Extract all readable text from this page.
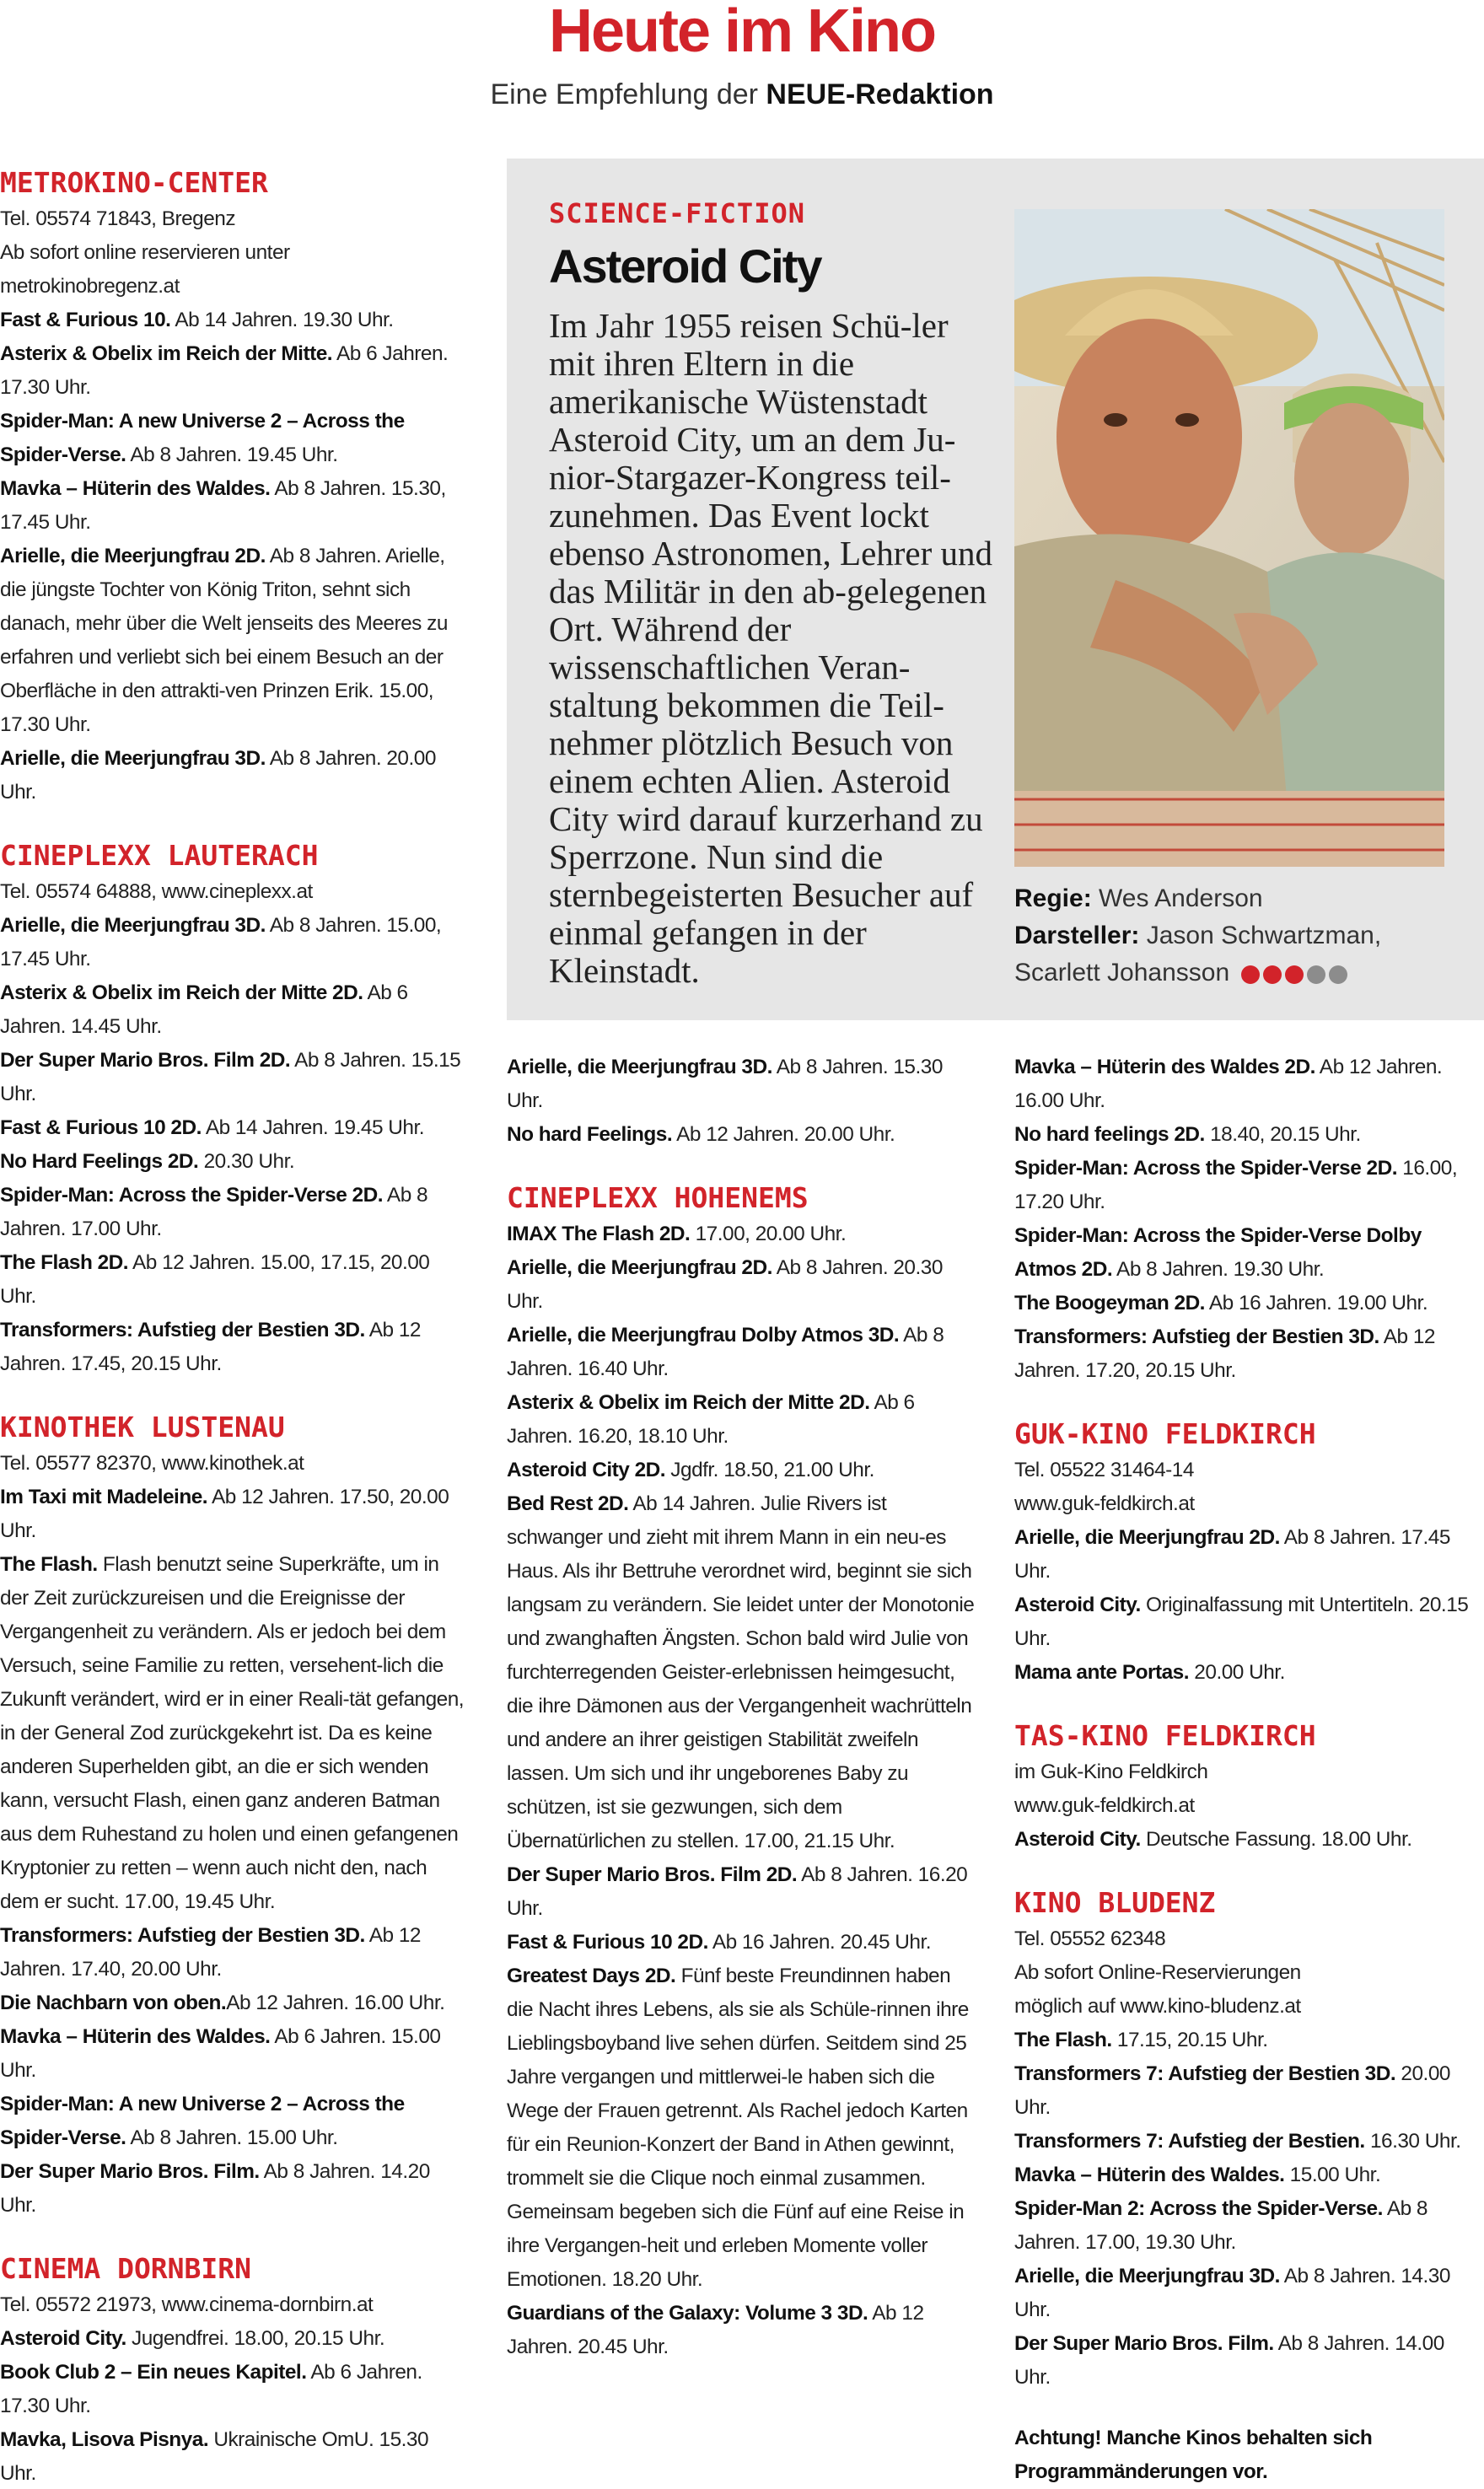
Heute im Kino
Eine Empfehlung der NEUE-Redaktion
METROKINO-CENTER
Tel. 05574 71843, Bregenz
Ab sofort online reservieren unter
metrokinobregenz.at
Fast & Furious 10. Ab 14 Jahren. 19.30 Uhr.
Asterix & Obelix im Reich der Mitte. Ab 6 Jahren. 17.30 Uhr.
Spider-Man: A new Universe 2 – Across the Spider-Verse. Ab 8 Jahren. 19.45 Uhr.
Mavka – Hüterin des Waldes. Ab 8 Jahren. 15.30, 17.45 Uhr.
Arielle, die Meerjungfrau 2D. Ab 8 Jahren. Arielle, die jüngste Tochter von König Triton, sehnt sich danach, mehr über die Welt jenseits des Meeres zu erfahren und verliebt sich bei einem Besuch an der Oberfläche in den attrakti-ven Prinzen Erik. 15.00, 17.30 Uhr.
Arielle, die Meerjungfrau 3D. Ab 8 Jahren. 20.00 Uhr.
CINEPLEXX LAUTERACH
Tel. 05574 64888, www.cineplexx.at
Arielle, die Meerjungfrau 3D. Ab 8 Jahren. 15.00, 17.45 Uhr.
Asterix & Obelix im Reich der Mitte 2D. Ab 6 Jahren. 14.45 Uhr.
Der Super Mario Bros. Film 2D. Ab 8 Jahren. 15.15 Uhr.
Fast & Furious 10 2D. Ab 14 Jahren. 19.45 Uhr.
No Hard Feelings 2D. 20.30 Uhr.
Spider-Man: Across the Spider-Verse 2D. Ab 8 Jahren. 17.00 Uhr.
The Flash 2D. Ab 12 Jahren. 15.00, 17.15, 20.00 Uhr.
Transformers: Aufstieg der Bestien 3D. Ab 12 Jahren. 17.45, 20.15 Uhr.
KINOTHEK LUSTENAU
Tel. 05577 82370, www.kinothek.at
Im Taxi mit Madeleine. Ab 12 Jahren. 17.50, 20.00 Uhr.
The Flash. Flash benutzt seine Superkräfte, um in der Zeit zurückzureisen und die Ereignisse der Vergangenheit zu verändern. Als er jedoch bei dem Versuch, seine Familie zu retten, versehent-lich die Zukunft verändert, wird er in einer Reali-tät gefangen, in der General Zod zurückgekehrt ist. Da es keine anderen Superhelden gibt, an die er sich wenden kann, versucht Flash, einen ganz anderen Batman aus dem Ruhestand zu holen und einen gefangenen Kryptonier zu retten – wenn auch nicht den, nach dem er sucht. 17.00, 19.45 Uhr.
Transformers: Aufstieg der Bestien 3D. Ab 12 Jahren. 17.40, 20.00 Uhr.
Die Nachbarn von oben.Ab 12 Jahren. 16.00 Uhr.
Mavka – Hüterin des Waldes. Ab 6 Jahren. 15.00 Uhr.
Spider-Man: A new Universe 2 – Across the Spider-Verse. Ab 8 Jahren. 15.00 Uhr.
Der Super Mario Bros. Film. Ab 8 Jahren. 14.20 Uhr.
CINEMA DORNBIRN
Tel. 05572 21973, www.cinema-dornbirn.at
Asteroid City. Jugendfrei. 18.00, 20.15 Uhr.
Book Club 2 – Ein neues Kapitel. Ab 6 Jahren. 17.30 Uhr.
Mavka, Lisova Pisnya. Ukrainische OmU. 15.30 Uhr.
SCIENCE-FICTION
Asteroid City
Im Jahr 1955 reisen Schü-ler mit ihren Eltern in die amerikanische Wüstenstadt Asteroid City, um an dem Ju-nior-Stargazer-Kongress teil-zunehmen. Das Event lockt ebenso Astronomen, Lehrer und das Militär in den ab-gelegenen Ort. Während der wissenschaftlichen Veran-staltung bekommen die Teil-nehmer plötzlich Besuch von einem echten Alien. Asteroid City wird darauf kurzerhand zu Sperrzone. Nun sind die sternbegeisterten Besucher auf einmal gefangen in der Kleinstadt.
Regie: Wes Anderson
Darsteller: Jason Schwartzman, Scarlett Johansson
Arielle, die Meerjungfrau 3D. Ab 8 Jahren. 15.30 Uhr.
No hard Feelings. Ab 12 Jahren. 20.00 Uhr.
CINEPLEXX HOHENEMS
IMAX The Flash 2D. 17.00, 20.00 Uhr.
Arielle, die Meerjungfrau 2D. Ab 8 Jahren. 20.30 Uhr.
Arielle, die Meerjungfrau Dolby Atmos 3D. Ab 8 Jahren. 16.40 Uhr.
Asterix & Obelix im Reich der Mitte 2D. Ab 6 Jahren. 16.20, 18.10 Uhr.
Asteroid City 2D. Jgdfr. 18.50, 21.00 Uhr.
Bed Rest 2D. Ab 14 Jahren. Julie Rivers ist schwanger und zieht mit ihrem Mann in ein neu-es Haus. Als ihr Bettruhe verordnet wird, beginnt sie sich langsam zu verändern. Sie leidet unter der Monotonie und zwanghaften Ängsten. Schon bald wird Julie von furchterregenden Geister-erlebnissen heimgesucht, die ihre Dämonen aus der Vergangenheit wachrütteln und andere an ihrer geistigen Stabilität zweifeln lassen. Um sich und ihr ungeborenes Baby zu schützen, ist sie gezwungen, sich dem Übernatürlichen zu stellen. 17.00, 21.15 Uhr.
Der Super Mario Bros. Film 2D. Ab 8 Jahren. 16.20 Uhr.
Fast & Furious 10 2D. Ab 16 Jahren. 20.45 Uhr.
Greatest Days 2D. Fünf beste Freundinnen haben die Nacht ihres Lebens, als sie als Schüle-rinnen ihre Lieblingsboyband live sehen dürfen. Seitdem sind 25 Jahre vergangen und mittlerwei-le haben sich die Wege der Frauen getrennt. Als Rachel jedoch Karten für ein Reunion-Konzert der Band in Athen gewinnt, trommelt sie die Clique noch einmal zusammen. Gemeinsam begeben sich die Fünf auf eine Reise in ihre Vergangen-heit und erleben Momente voller Emotionen. 18.20 Uhr.
Guardians of the Galaxy: Volume 3 3D. Ab 12 Jahren. 20.45 Uhr.
Mavka – Hüterin des Waldes 2D. Ab 12 Jahren. 16.00 Uhr.
No hard feelings 2D. 18.40, 20.15 Uhr.
Spider-Man: Across the Spider-Verse 2D. 16.00, 17.20 Uhr.
Spider-Man: Across the Spider-Verse Dolby Atmos 2D. Ab 8 Jahren. 19.30 Uhr.
The Boogeyman 2D. Ab 16 Jahren. 19.00 Uhr.
Transformers: Aufstieg der Bestien 3D. Ab 12 Jahren. 17.20, 20.15 Uhr.
GUK-KINO FELDKIRCH
Tel. 05522 31464-14
www.guk-feldkirch.at
Arielle, die Meerjungfrau 2D. Ab 8 Jahren. 17.45 Uhr.
Asteroid City. Originalfassung mit Untertiteln. 20.15 Uhr.
Mama ante Portas. 20.00 Uhr.
TAS-KINO FELDKIRCH
im Guk-Kino Feldkirch
www.guk-feldkirch.at
Asteroid City. Deutsche Fassung. 18.00 Uhr.
KINO BLUDENZ
Tel. 05552 62348
Ab sofort Online-Reservierungen
möglich auf www.kino-bludenz.at
The Flash. 17.15, 20.15 Uhr.
Transformers 7: Aufstieg der Bestien 3D. 20.00 Uhr.
Transformers 7: Aufstieg der Bestien. 16.30 Uhr.
Mavka – Hüterin des Waldes. 15.00 Uhr.
Spider-Man 2: Across the Spider-Verse. Ab 8 Jahren. 17.00, 19.30 Uhr.
Arielle, die Meerjungfrau 3D. Ab 8 Jahren. 14.30 Uhr.
Der Super Mario Bros. Film. Ab 8 Jahren. 14.00 Uhr.
Achtung! Manche Kinos behalten sich Programmänderungen vor.
